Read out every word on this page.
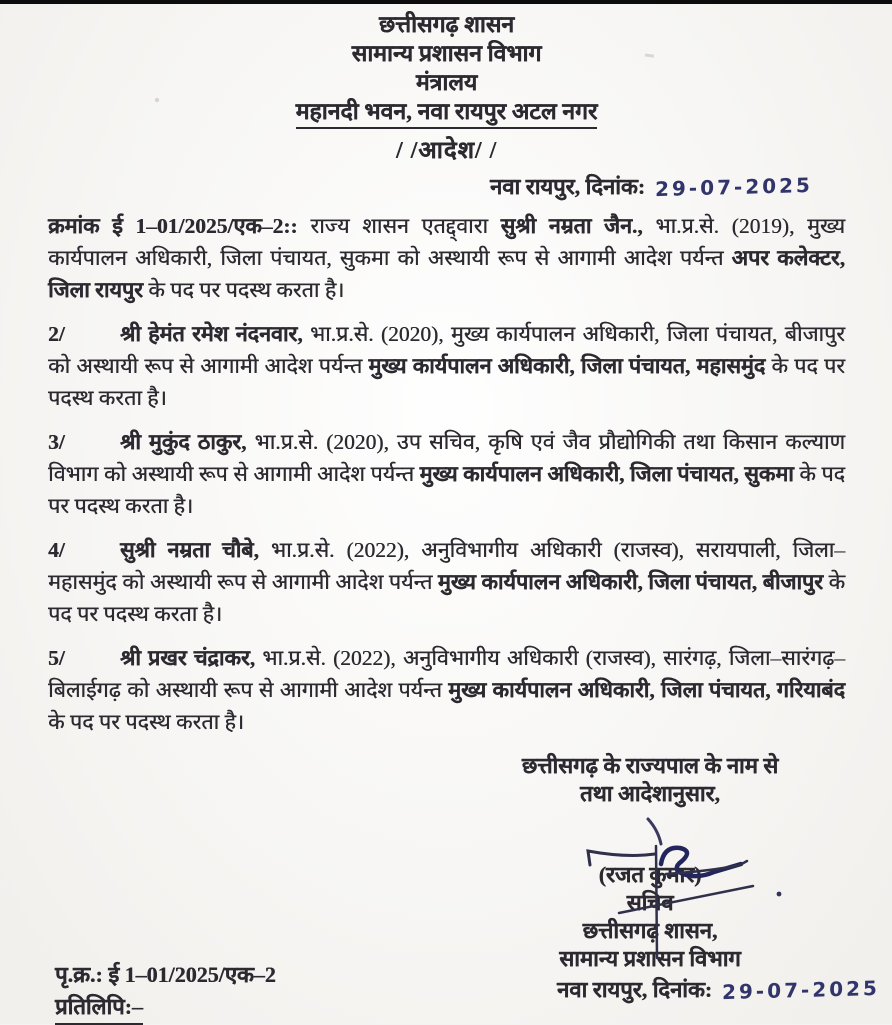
छत्तीसगढ़ शासन
सामान्य प्रशासन विभाग
मंत्रालय
महानदी भवन, नवा रायपुर अटल नगर
/ /आदेश/ /
नवा रायपुर, दिनांक: 29-07-2025

क्रमांक ई 1–01/2025/एक–2:: राज्य शासन एतद्द्वारा सुश्री नम्रता जैन., भा.प्र.से. (2019), मुख्य कार्यपालन अधिकारी, जिला पंचायत, सुकमा को अस्थायी रूप से आगामी आदेश पर्यन्त अपर कलेक्टर, जिला रायपुर के पद पर पदस्थ करता है।

2/	श्री हेमंत रमेश नंदनवार, भा.प्र.से. (2020), मुख्य कार्यपालन अधिकारी, जिला पंचायत, बीजापुर को अस्थायी रूप से आगामी आदेश पर्यन्त मुख्य कार्यपालन अधिकारी, जिला पंचायत, महासमुंद के पद पर पदस्थ करता है।

3/	श्री मुकुंद ठाकुर, भा.प्र.से. (2020), उप सचिव, कृषि एवं जैव प्रौद्योगिकी तथा किसान कल्याण विभाग को अस्थायी रूप से आगामी आदेश पर्यन्त मुख्य कार्यपालन अधिकारी, जिला पंचायत, सुकमा के पद पर पदस्थ करता है।

4/	सुश्री नम्रता चौबे, भा.प्र.से. (2022), अनुविभागीय अधिकारी (राजस्व), सरायपाली, जिला–महासमुंद को अस्थायी रूप से आगामी आदेश पर्यन्त मुख्य कार्यपालन अधिकारी, जिला पंचायत, बीजापुर के पद पर पदस्थ करता है।

5/	श्री प्रखर चंद्राकर, भा.प्र.से. (2022), अनुविभागीय अधिकारी (राजस्व), सारंगढ़, जिला–सारंगढ़–बिलाईगढ़ को अस्थायी रूप से आगामी आदेश पर्यन्त मुख्य कार्यपालन अधिकारी, जिला पंचायत, गरियाबंद के पद पर पदस्थ करता है।

छत्तीसगढ़ के राज्यपाल के नाम से
तथा आदेशानुसार,
(रजत कुमार)
सचिव
छत्तीसगढ़ शासन,
सामान्य प्रशासन विभाग
नवा रायपुर, दिनांक: 29-07-2025
पृ.क्र.: ई 1–01/2025/एक–2
प्रतिलिपि:–
